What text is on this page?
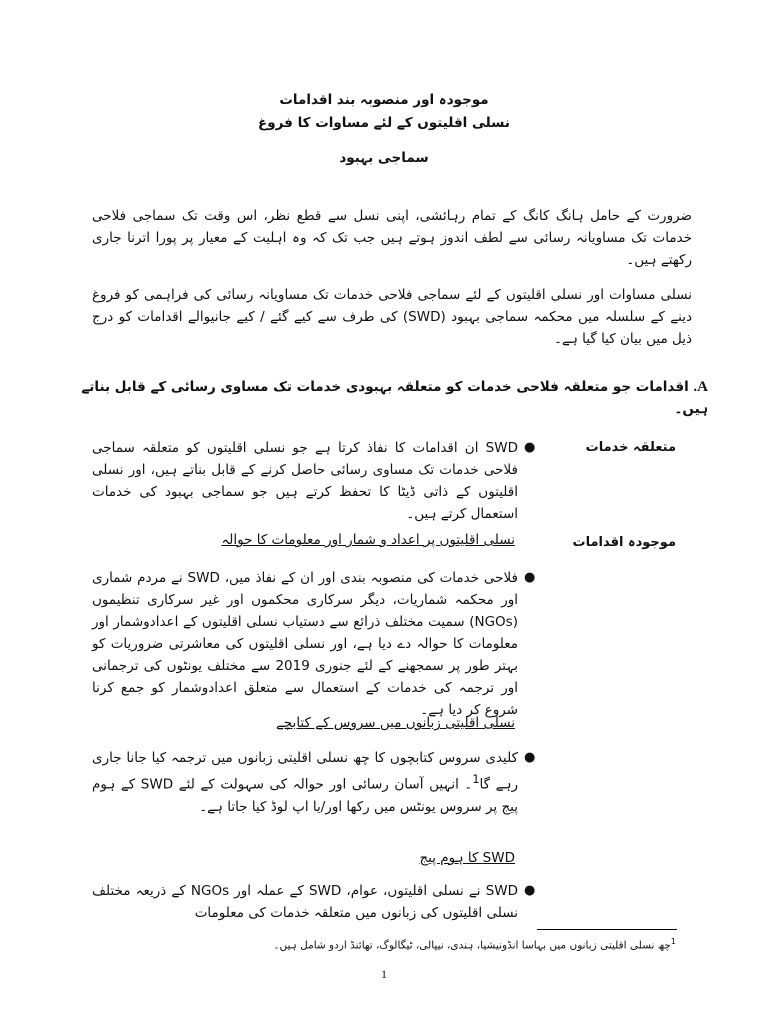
موجودہ اور منصوبہ بند اقدامات
نسلی اقلیتوں کے لئے مساوات کا فروغ
سماجی بہبود
ضرورت کے حامل ہانگ کانگ کے تمام رہائشی، اپنی نسل سے قطع نظر، اس وقت تک سماجی فلاحی خدمات تک مساویانہ رسائی سے لطف اندوز ہوتے ہیں جب تک کہ وہ اہلیت کے معیار پر پورا اترنا جاری رکھتے ہیں۔
نسلی مساوات اور نسلی اقلیتوں کے لئے سماجی فلاحی خدمات تک مساویانہ رسائی کی فراہمی کو فروغ دینے کے سلسلہ میں محکمہ سماجی بہبود (SWD) کی طرف سے کیے گئے / کیے جانیوالے اقدامات کو درج ذیل میں بیان کیا گیا ہے۔
A. اقدامات جو متعلقہ فلاحی خدمات کو متعلقہ بہبودی خدمات تک مساوی رسائی کے قابل بناتے ہیں۔
متعلقہ خدمات
●
SWD ان اقدامات کا نفاذ کرتا ہے جو نسلی اقلیتوں کو متعلقہ سماجی فلاحی خدمات تک مساوی رسائی حاصل کرنے کے قابل بناتے ہیں، اور نسلی اقلیتوں کے ذاتی ڈیٹا کا تحفظ کرتے ہیں جو سماجی بہبود کی خدمات استعمال کرتے ہیں۔
موجودہ اقدامات
نسلی اقلیتوں پر اعداد و شمار اور معلومات کا حوالہ
●
فلاحی خدمات کی منصوبہ بندی اور ان کے نفاذ میں، SWD نے مردم شماری اور محکمہ شماریات، دیگر سرکاری محکموں اور غیر سرکاری تنظیموں (NGOs) سمیت مختلف ذرائع سے دستیاب نسلی اقلیتوں کے اعدادوشمار اور معلومات کا حوالہ دے دیا ہے، اور نسلی اقلیتوں کی معاشرتی ضروریات کو بہتر طور پر سمجھنے کے لئے جنوری 2019 سے مختلف یونٹوں کی ترجمانی اور ترجمہ کی خدمات کے استعمال سے متعلق اعدادوشمار کو جمع کرنا شروع کر دیا ہے۔
نسلی اقلیتی زبانوں میں سروس کے کتابچے
●
کلیدی سروس کتابچوں کا چھ نسلی اقلیتی زبانوں میں ترجمہ کیا جانا جاری رہے گا$^1$۔ انہیں آسان رسائی اور حوالہ کی سہولت کے لئے SWD کے ہوم پیج پر سروس یونٹس میں رکھا اور/یا اپ لوڈ کیا جاتا ہے۔
SWD کا ہوم پیج
●
SWD نے نسلی اقلیتوں، عوام، SWD کے عملہ اور NGOs کے ذریعہ مختلف نسلی اقلیتوں کی زبانوں میں متعلقہ خدمات کی معلومات
$^1$چھ نسلی اقلیتی زبانوں میں بہاسا انڈونیشیا، ہندی، نیپالی، ٹیگالوگ، تھائنڈ اردو شامل ہیں۔
1
